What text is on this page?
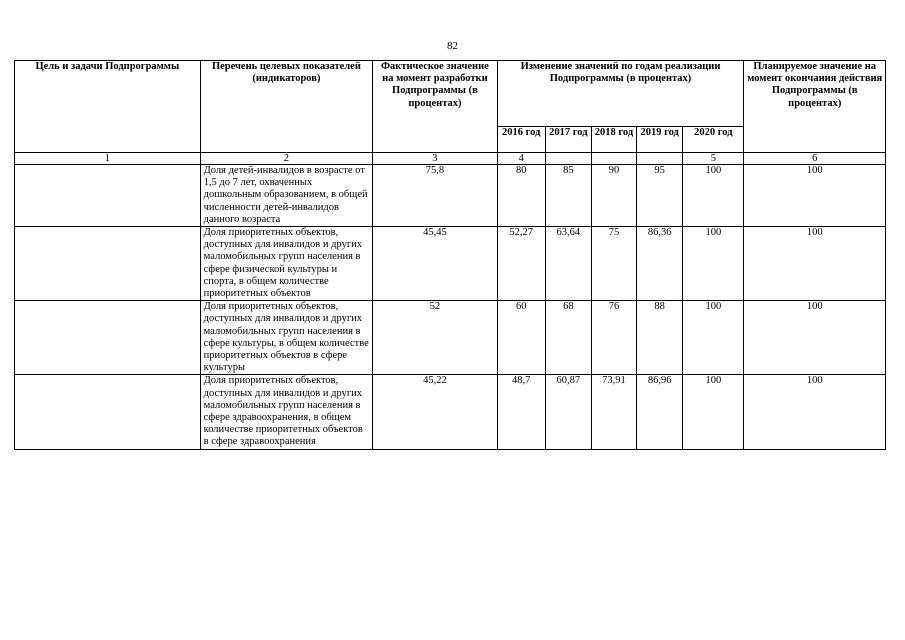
82
Цель и задачи Подпрограммы	Перечень целевых показателей (индикаторов)	Фактическое значение на момент разработки Подпрограммы (в процентах)	Изменение значений по годам реализации Подпрограммы (в процентах)					Планируемое значение на момент окончания действия Подпрограммы (в процентах)
			2016 год	2017 год	2018 год	2019 год	2020 год	
1	2	3	4				5	6
	Доля детей-инвалидов в возрасте от 1,5 до 7 лет, охваченных дошкольным образованием, в общей численности детей-инвалидов данного возраста	75,8	80	85	90	95	100	100
	Доля приоритетных объектов, доступных для инвалидов и других маломобильных групп населения в сфере физической культуры и спорта, в общем количестве приоритетных объектов	45,45	52,27	63,64	75	86,36	100	100
	Доля приоритетных объектов, доступных для инвалидов и других маломобильных групп населения в сфере культуры, в общем количестве приоритетных объектов в сфере культуры	52	60	68	76	88	100	100
	Доля приоритетных объектов, доступных для инвалидов и других маломобильных групп населения в сфере здравоохранения, в общем количестве приоритетных объектов в сфере здравоохранения	45,22	48,7	60,87	73,91	86,96	100	100
